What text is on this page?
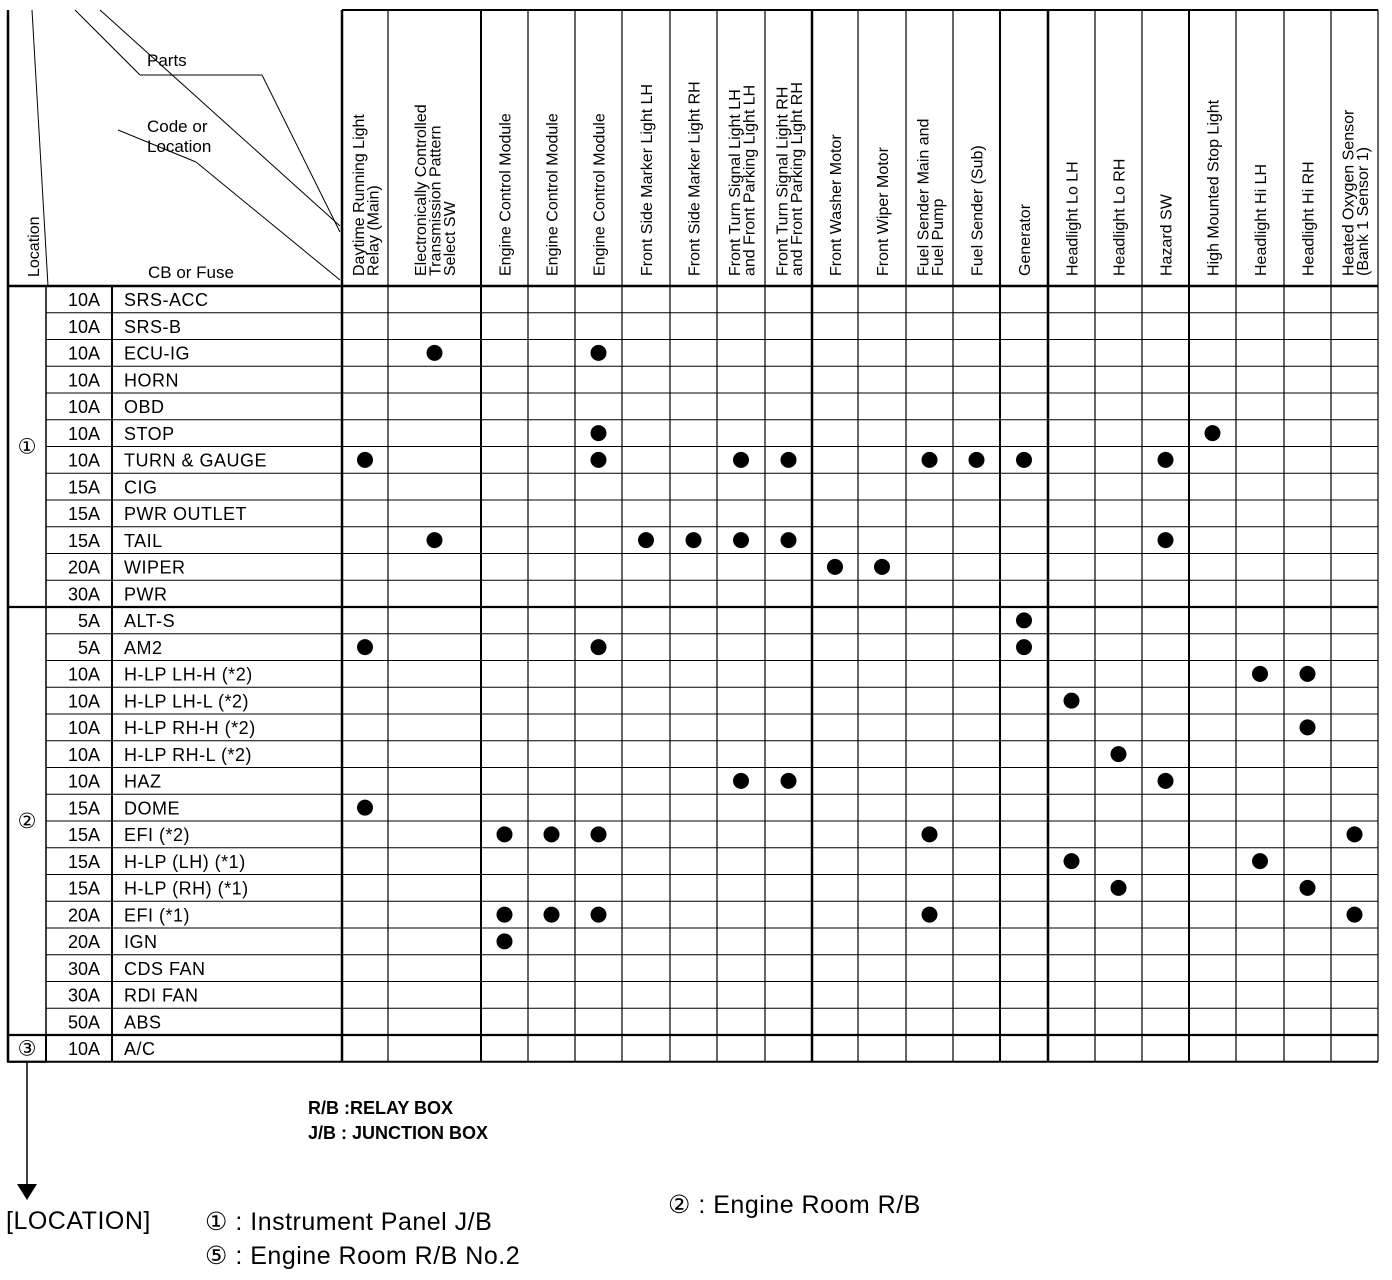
Parts
Code or
Location
CB or Fuse
Location	Daytime Running Light
Relay (Main) Electronically Controlled
Transmission Pattern
Select SW Engine Control Module Engine Control Module Engine Control Module Front Side Marker Light LH Front Side Marker Light RH Front Turn Signal Light LH
and Front Parking Light LH Front Turn Signal Light RH
and Front Parking Light RH Front Washer Motor Front Wiper Motor Fuel Sender Main and
Fuel Pump Fuel Sender (Sub) Generator Headlight Lo LH Headlight Lo RH Hazard SW High Mounted Stop Light Headlight Hi LH Headlight Hi RH Heated Oxygen Sensor
(Bank 1 Sensor 1)
①
②
③
10A SRS-ACC
10A SRS-B
10A ECU-IG
10A HORN
10A OBD
10A STOP
10A TURN & GAUGE
15A CIG
15A PWR OUTLET
15A TAIL
20A WIPER
30A PWR
5A ALT-S
5A AM2
10A H-LP LH-H (*2)
10A H-LP LH-L (*2)
10A H-LP RH-H (*2)
10A H-LP RH-L (*2)
10A HAZ
15A DOME
15A EFI (*2)
15A H-LP (LH) (*1)
15A H-LP (RH) (*1)
20A EFI (*1)
20A IGN
30A CDS FAN
30A RDI FAN
50A ABS
10A A/C
R/B :RELAY BOX
J/B : JUNCTION BOX
[LOCATION] ① : Instrument Panel J/B
② : Engine Room R/B
⑤ : Engine Room R/B No.2
